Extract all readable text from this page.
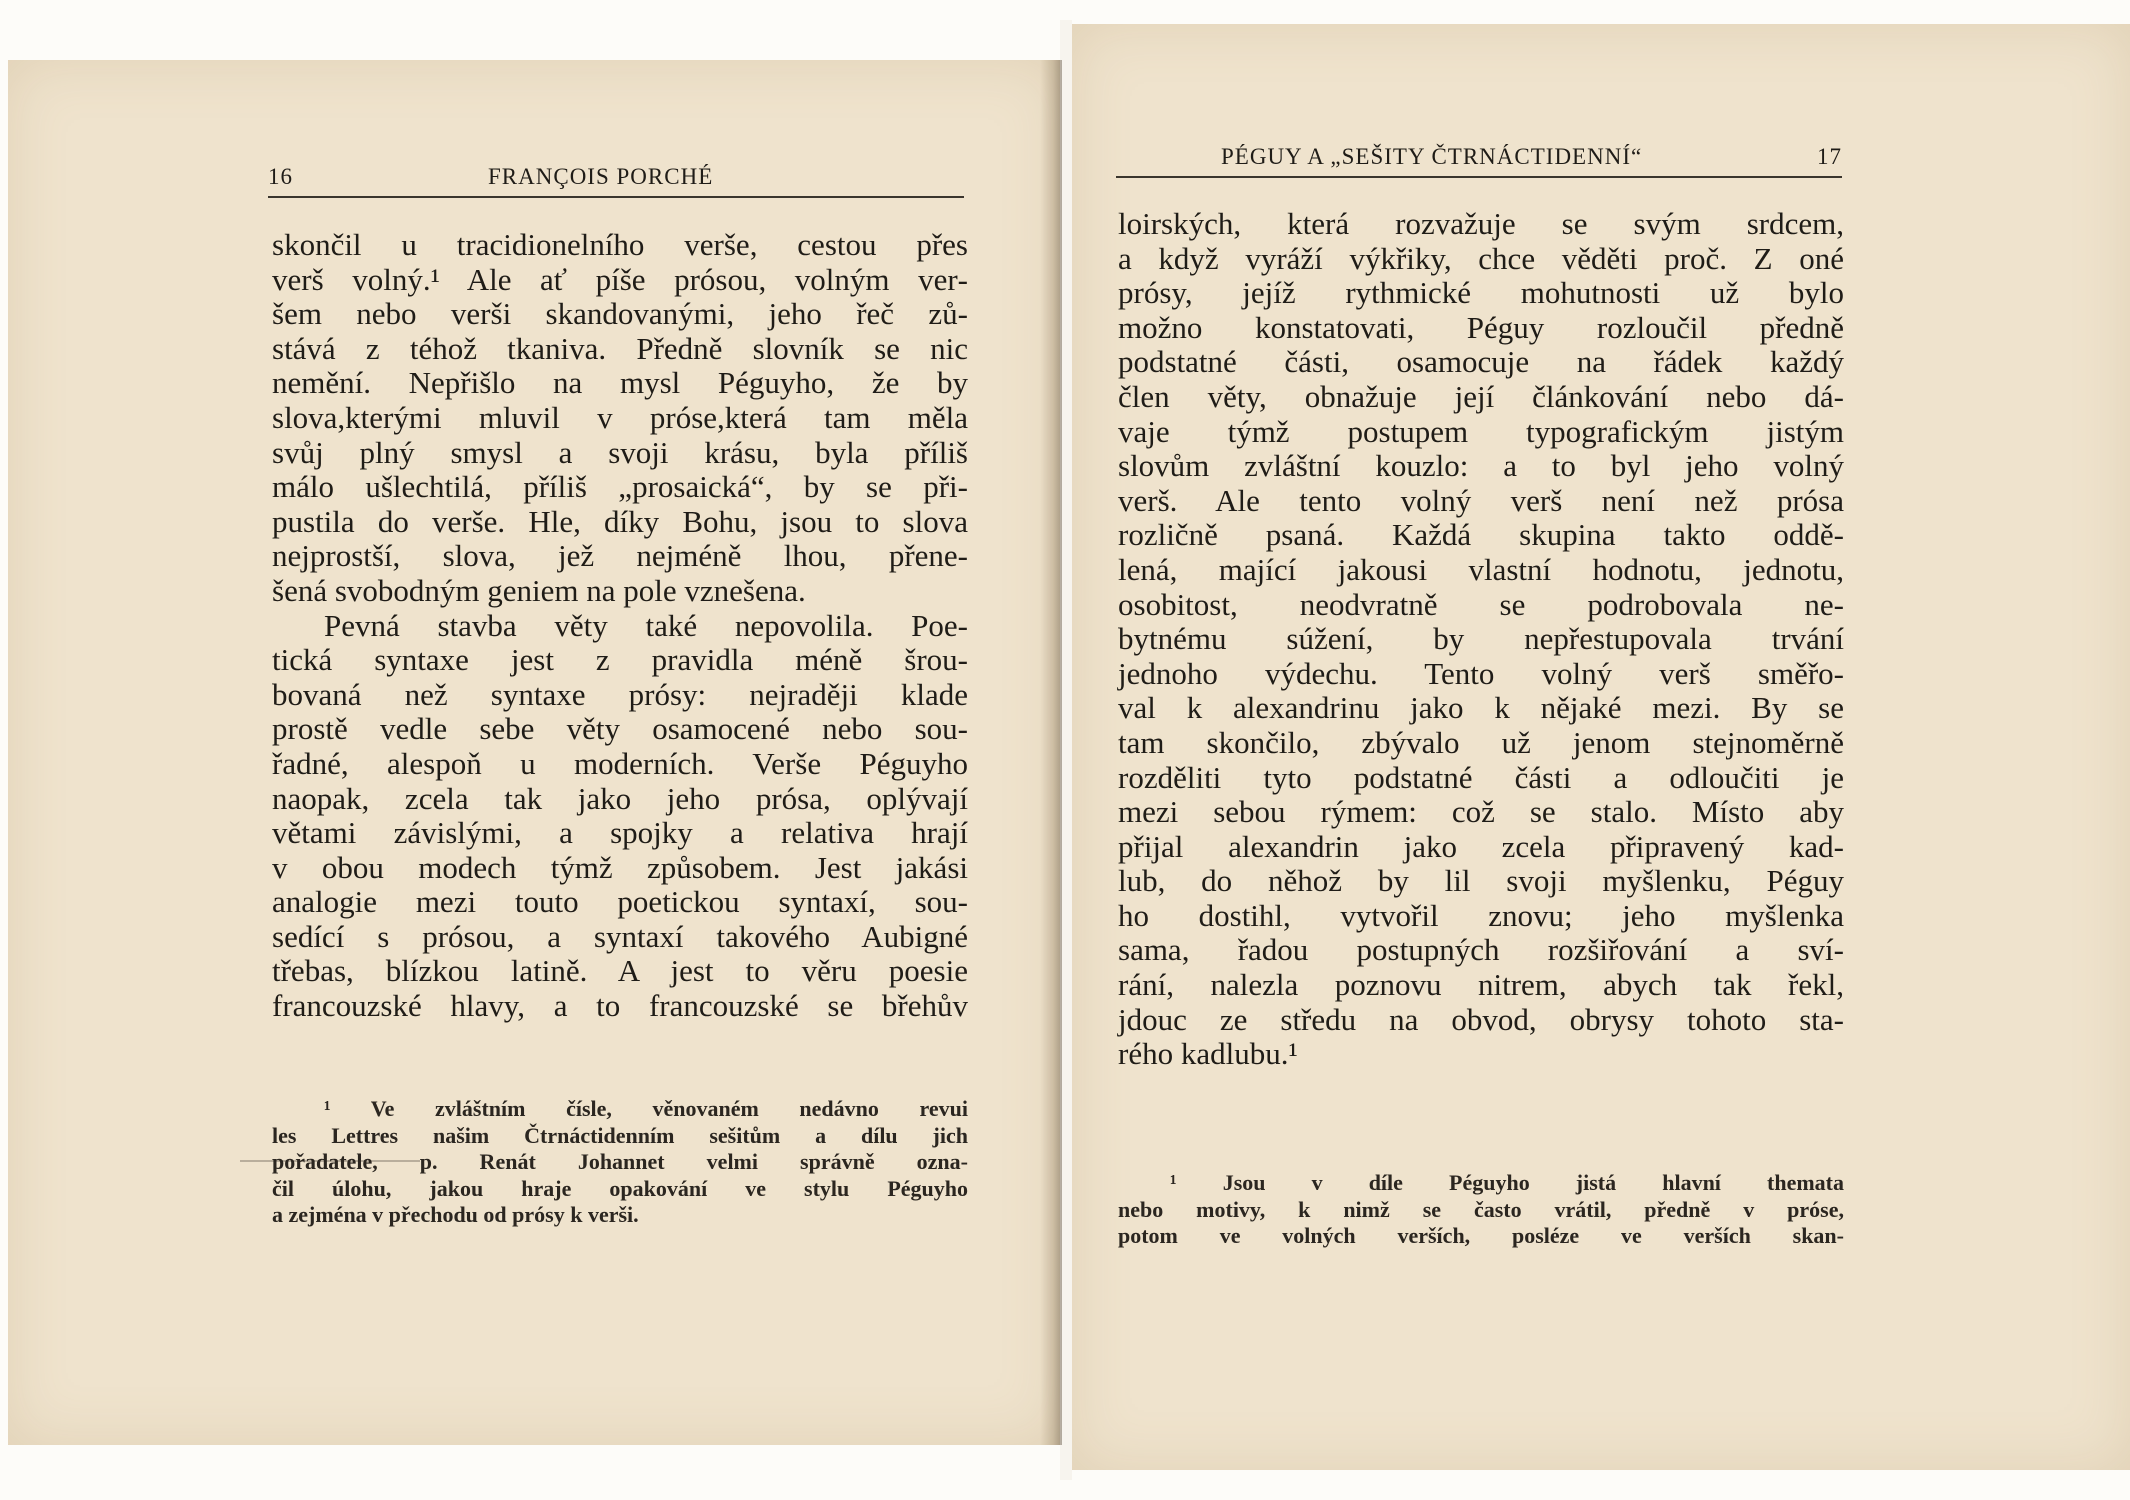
16	FRANÇOIS PORCHÉ
PÉGUY A „SEŠITY ČTRNÁCTIDENNÍ“	17
skončil u tracidionelního verše, cestou přes
verš volný.¹ Ale ať píše prósou, volným ver‐
šem nebo verši skandovanými, jeho řeč zů‐
stává z téhož tkaniva. Předně slovník se nic
nemění. Nepřišlo na mysl Péguyho, že by
slova,kterými mluvil v próse,která tam měla
svůj plný smysl a svoji krásu, byla příliš
málo ušlechtilá, příliš „prosaická“, by se při‐
pustila do verše. Hle, díky Bohu, jsou to slova
nejprostší, slova, jež nejméně lhou, přene‐
šená svobodným geniem na pole vznešena.
Pevná stavba věty také nepovolila. Poe‐
tická syntaxe jest z pravidla méně šrou‐
bovaná než syntaxe prósy: nejraději klade
prostě vedle sebe věty osamocené nebo sou‐
řadné, alespoň u moderních. Verše Péguyho
naopak, zcela tak jako jeho prósa, oplývají
větami závislými, a spojky a relativa hrají
v obou modech týmž způsobem. Jest jakási
analogie mezi touto poetickou syntaxí, sou‐
sedící s prósou, a syntaxí takového Aubigné
třebas, blízkou latině. A jest to věru poesie
francouzské hlavy, a to francouzské se břehův
¹ Ve zvláštním čísle, věnovaném nedávno revui
les Lettres našim Čtrnáctidenním sešitům a dílu jich
pořadatele, p. Renát Johannet velmi správně ozna‐
čil úlohu, jakou hraje opakování ve stylu Péguyho
a zejména v přechodu od prósy k verši.
loirských, která rozvažuje se svým srdcem,
a když vyráží výkřiky, chce věděti proč. Z oné
prósy, jejíž rythmické mohutnosti už bylo
možno konstatovati, Péguy rozloučil předně
podstatné části, osamocuje na řádek každý
člen věty, obnažuje její článkování nebo dá‐
vaje týmž postupem typografickým jistým
slovům zvláštní kouzlo: a to byl jeho volný
verš. Ale tento volný verš není než prósa
rozličně psaná. Každá skupina takto oddě‐
lená, mající jakousi vlastní hodnotu, jednotu,
osobitost, neodvratně se podrobovala ne‐
bytnému súžení, by nepřestupovala trvání
jednoho výdechu. Tento volný verš směřo‐
val k alexandrinu jako k nějaké mezi. By se
tam skončilo, zbývalo už jenom stejnoměrně
rozděliti tyto podstatné části a odloučiti je
mezi sebou rýmem: což se stalo. Místo aby
přijal alexandrin jako zcela připravený kad‐
lub, do něhož by lil svoji myšlenku, Péguy
ho dostihl, vytvořil znovu; jeho myšlenka
sama, řadou postupných rozšiřování a sví‐
rání, nalezla poznovu nitrem, abych tak řekl,
jdouc ze středu na obvod, obrysy tohoto sta‐
rého kadlubu.¹
¹ Jsou v díle Péguyho jistá hlavní themata
nebo motivy, k nimž se často vrátil, předně v próse,
potom ve volných verších, posléze ve verších skan‐
